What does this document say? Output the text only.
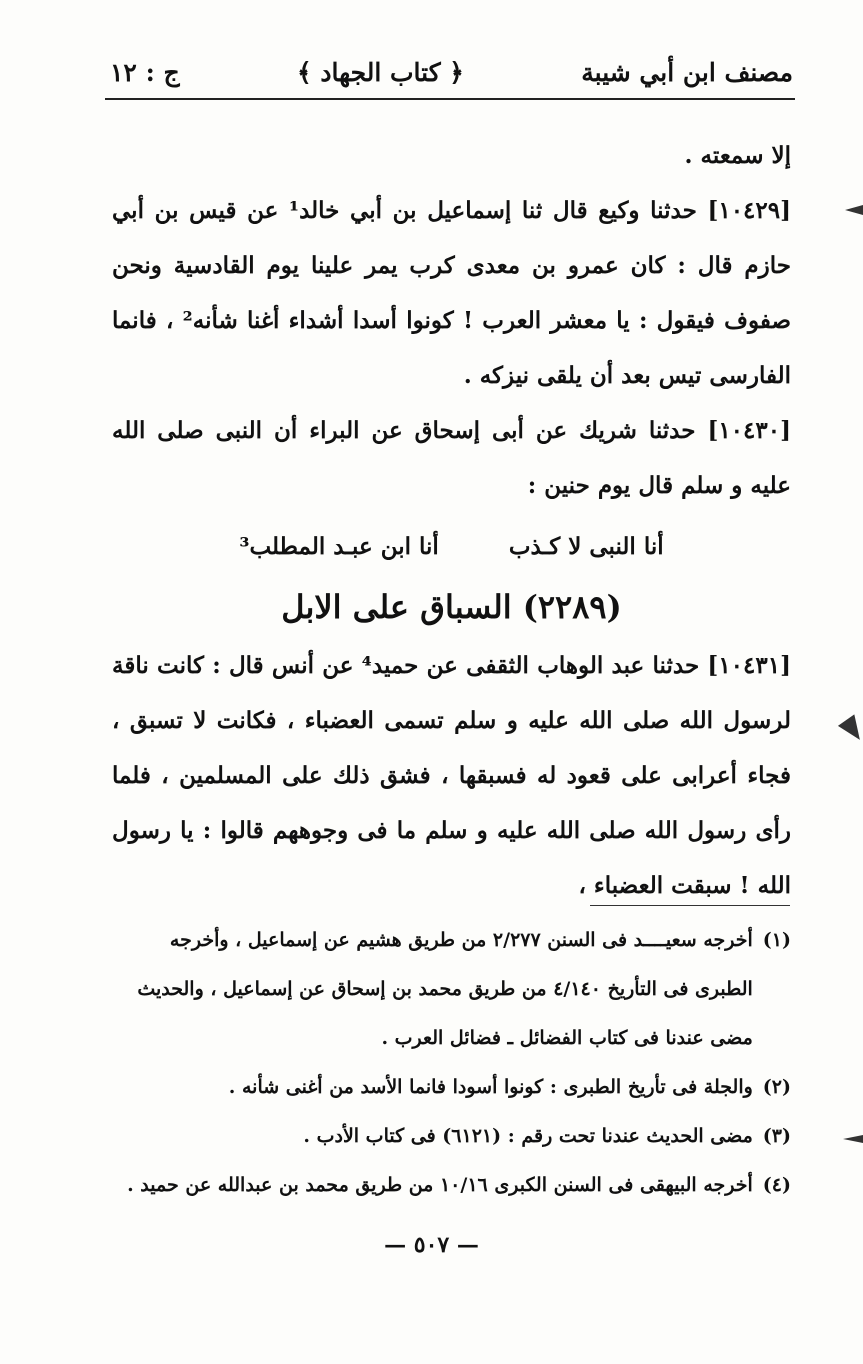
مصنف ابن أبي شيبة
﴿ كتاب الجهاد ﴾
ج : ١٢

إلا سمعته .

[١٠٤٢٩] حدثنا وكيع قال ثنا إسماعيل بن أبي خالد¹ عن قيس بن أبي حازم قال : كان عمرو بن معدى كرب يمر علينا يوم القادسية ونحن صفوف فيقول : يا معشر العرب ! كونوا أسدا أشداء أغنا شأنه² ، فانما الفارسى تيس بعد أن يلقى نيزكه .

[١٠٤٣٠] حدثنا شريك عن أبى إسحاق عن البراء أن النبى صلى الله عليه و سلم قال يوم حنين :

أنا النبى لا كـذب
أنا ابن عبـد المطلب³
(٢٢٨٩) السباق على الابل

[١٠٤٣١] حدثنا عبد الوهاب الثقفى عن حميد⁴ عن أنس قال : كانت ناقة لرسول الله صلى الله عليه و سلم تسمى العضباء ، فكانت لا تسبق ، فجاء أعرابى على قعود له فسبقها ، فشق ذلك على المسلمين ، فلما رأى رسول الله صلى الله عليه و سلم ما فى وجوههم قالوا : يا رسول الله ! سبقت العضباء ،

(١)
أخرجه سعيــــد فى السنن ٢/٢٧٧ من طريق هشيم عن إسماعيل ، وأخرجه الطبرى فى التأريخ ٤/١٤٠ من طريق محمد بن إسحاق عن إسماعيل ، والحديث مضى عندنا فى كتاب الفضائل ـ فضائل العرب .
(٢)
والجلة فى تأريخ الطبرى : كونوا أسودا فانما الأسد من أغنى شأنه .
(٣)
مضى الحديث عندنا تحت رقم : (٦١٢١) فى كتاب الأدب .
(٤)
أخرجه البيهقى فى السنن الكبرى ١٠/١٦ من طريق محمد بن عبدالله عن حميد .
— ٥٠٧ —
